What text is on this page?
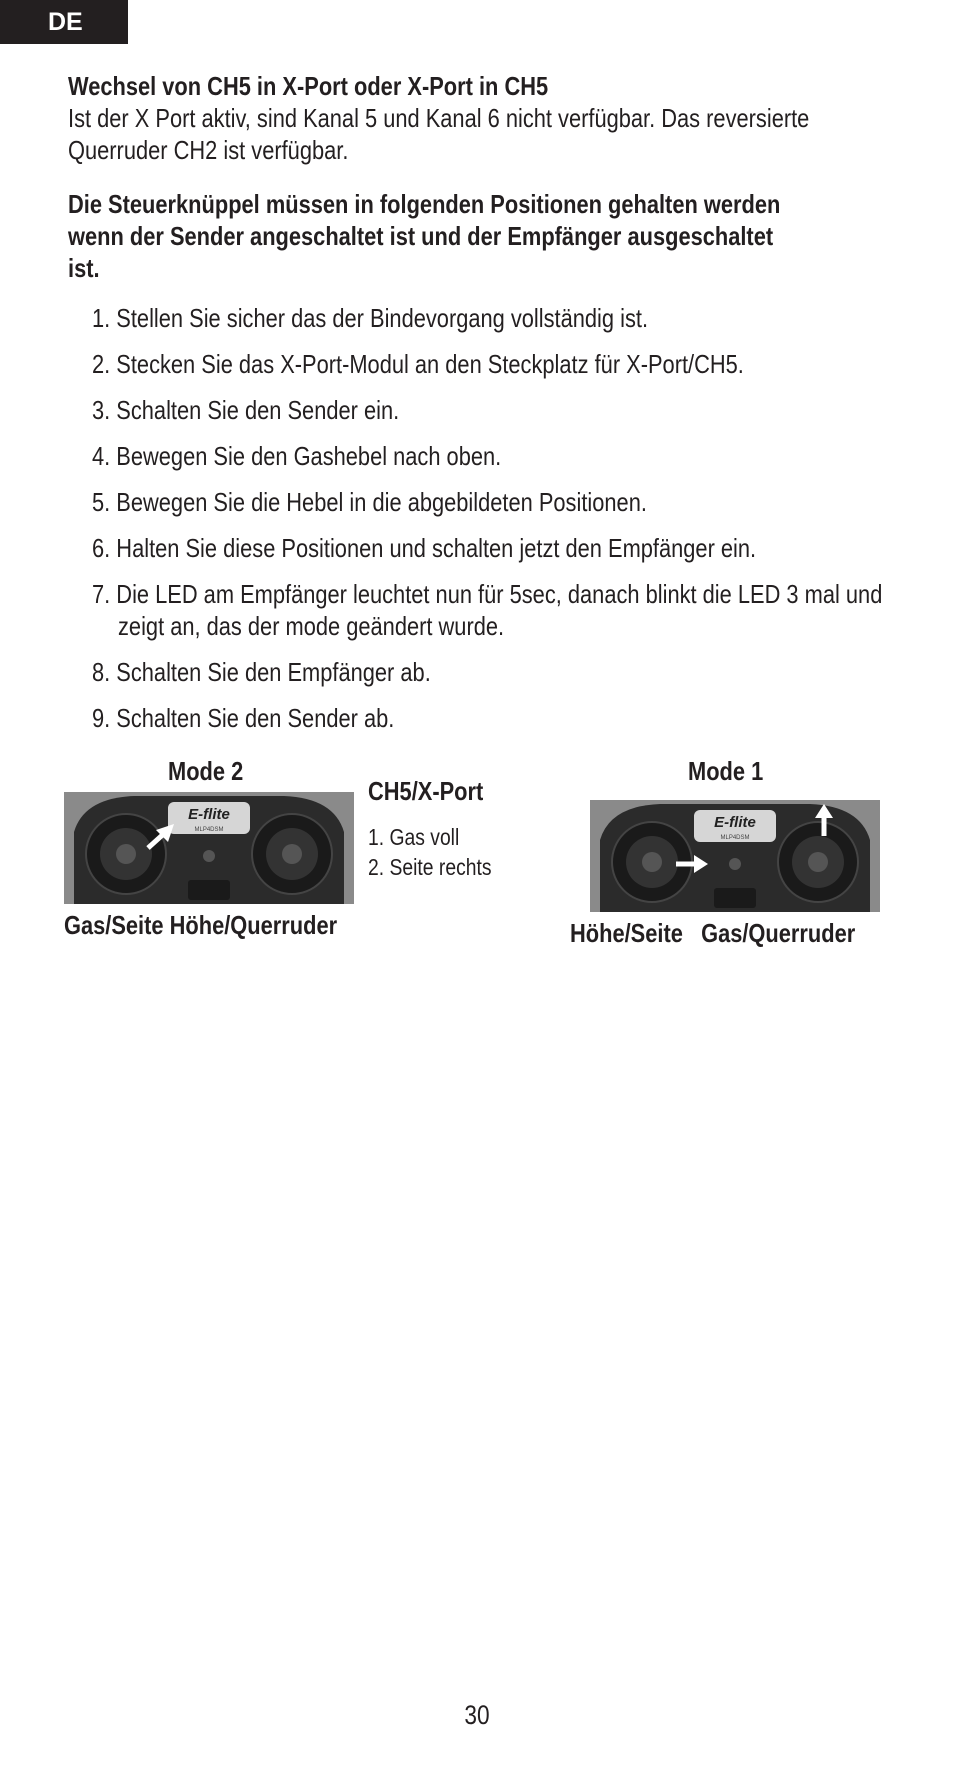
DE
Wechsel von CH5 in X-Port oder X-Port in CH5
Ist der X Port aktiv, sind Kanal 5 und Kanal 6 nicht verfügbar. Das reversierte
Querruder CH2 ist verfügbar.
Die Steuerknüppel müssen in folgenden Positionen gehalten werden
wenn der Sender angeschaltet ist und der Empfänger ausgeschaltet
ist.
1. Stellen Sie sicher das der Bindevorgang vollständig ist.
2. Stecken Sie das X-Port-Modul an den Steckplatz für X-Port/CH5.
3. Schalten Sie den Sender ein.
4. Bewegen Sie den Gashebel nach oben.
5. Bewegen Sie die Hebel in die abgebildeten Positionen.
6. Halten Sie diese Positionen und schalten jetzt den Empfänger ein.
7. Die LED am Empfänger leuchtet nun für 5sec, danach blinkt die LED 3 mal und
zeigt an, das der mode geändert wurde.
8. Schalten Sie den Empfänger ab.
9. Schalten Sie den Sender ab.
Mode 2
E-flite
MLP4DSM
Gas/Seite Höhe/Querruder
CH5/X-Port
1. Gas voll
2. Seite rechts
Mode 1
E-flite
MLP4DSM
Höhe/Seite Gas/Querruder
30
